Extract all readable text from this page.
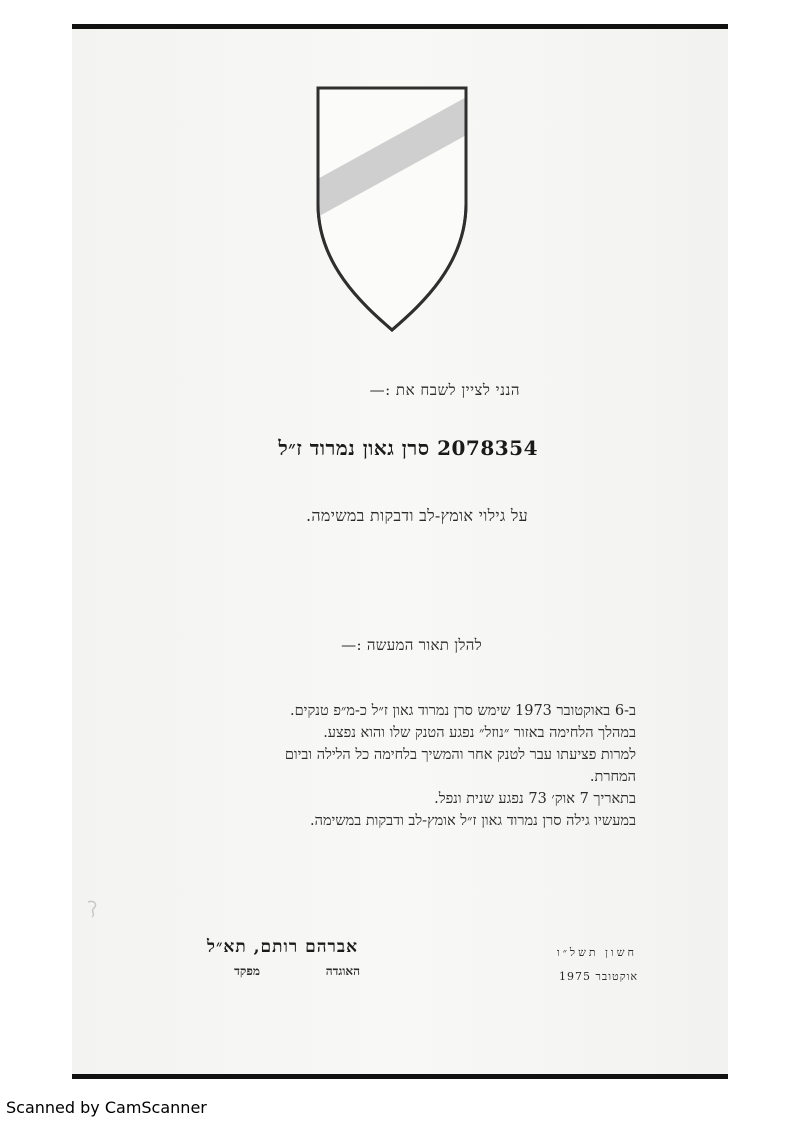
הנני לציין לשבח את :—
2078354 סרן גאון נמרוד ז״ל
על גילוי אומץ-לב ודבקות במשימה.
להלן תאור המעשה :—
ב-6 באוקטובר 1973 שימש סרן נמרוד גאון ז״ל כ-מ״פ טנקים.
במהלך הלחימה באזור ״נוזל״ נפגע הטנק שלו והוא נפצע.
למרות פציעתו עבר לטנק אחר והמשיך בלחימה כל הלילה וביום
המחרת.
בתאריך 7 אוק׳ 73 נפגע שנית ונפל.
במעשיו גילה סרן נמרוד גאון ז״ל אומץ-לב ודבקות במשימה.
אברהם רותם, תא״ל
מפקד	האוגדה
חשון תשל״ו
אוקטובר 1975
Scanned by CamScanner
